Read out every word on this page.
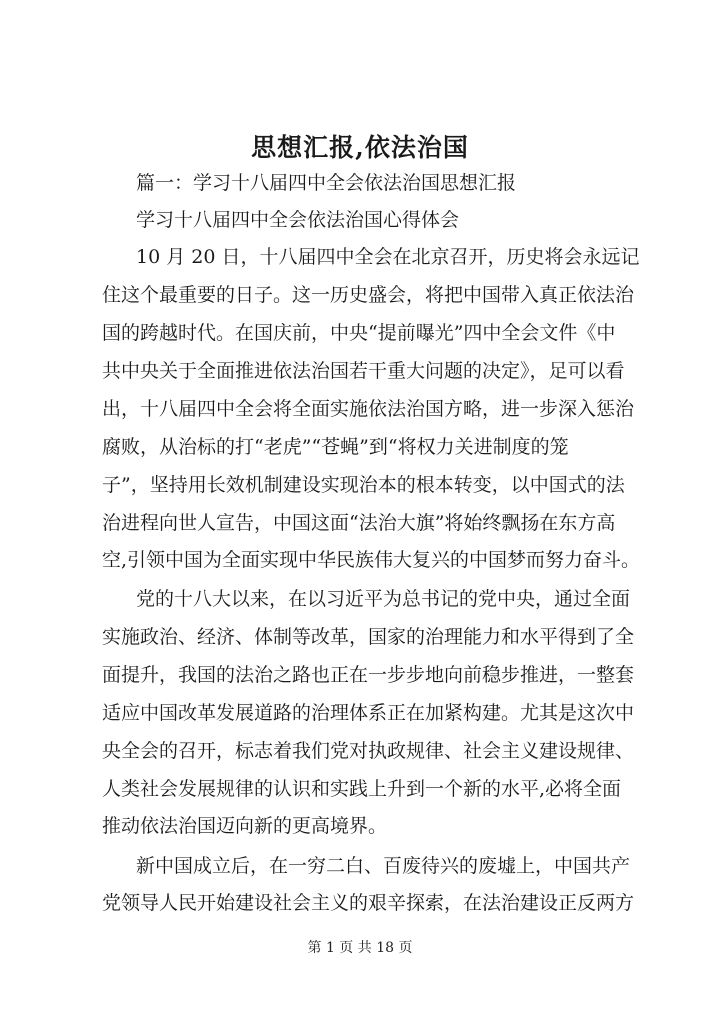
思想汇报,依法治国
篇一：学习十八届四中全会依法治国思想汇报
学习十八届四中全会依法治国心得体会
10 月 20 日，十八届四中全会在北京召开，历史将会永远记
住这个最重要的日子。这一历史盛会，将把中国带入真正依法治
国的跨越时代。在国庆前，中央“提前曝光”四中全会文件《中
共中央关于全面推进依法治国若干重大问题的决定》，足可以看
出，十八届四中全会将全面实施依法治国方略，进一步深入惩治
腐败，从治标的打“老虎”“苍蝇”到“将权力关进制度的笼
子”，坚持用长效机制建设实现治本的根本转变，以中国式的法
治进程向世人宣告，中国这面“法治大旗”将始终飘扬在东方高
空,引领中国为全面实现中华民族伟大复兴的中国梦而努力奋斗。
党的十八大以来，在以习近平为总书记的党中央，通过全面
实施政治、经济、体制等改革，国家的治理能力和水平得到了全
面提升，我国的法治之路也正在一步步地向前稳步推进，一整套
适应中国改革发展道路的治理体系正在加紧构建。尤其是这次中
央全会的召开，标志着我们党对执政规律、社会主义建设规律、
人类社会发展规律的认识和实践上升到一个新的水平,必将全面
推动依法治国迈向新的更高境界。
新中国成立后，在一穷二白、百废待兴的废墟上，中国共产
党领导人民开始建设社会主义的艰辛探索，在法治建设正反两方
第 1 页 共 18 页
